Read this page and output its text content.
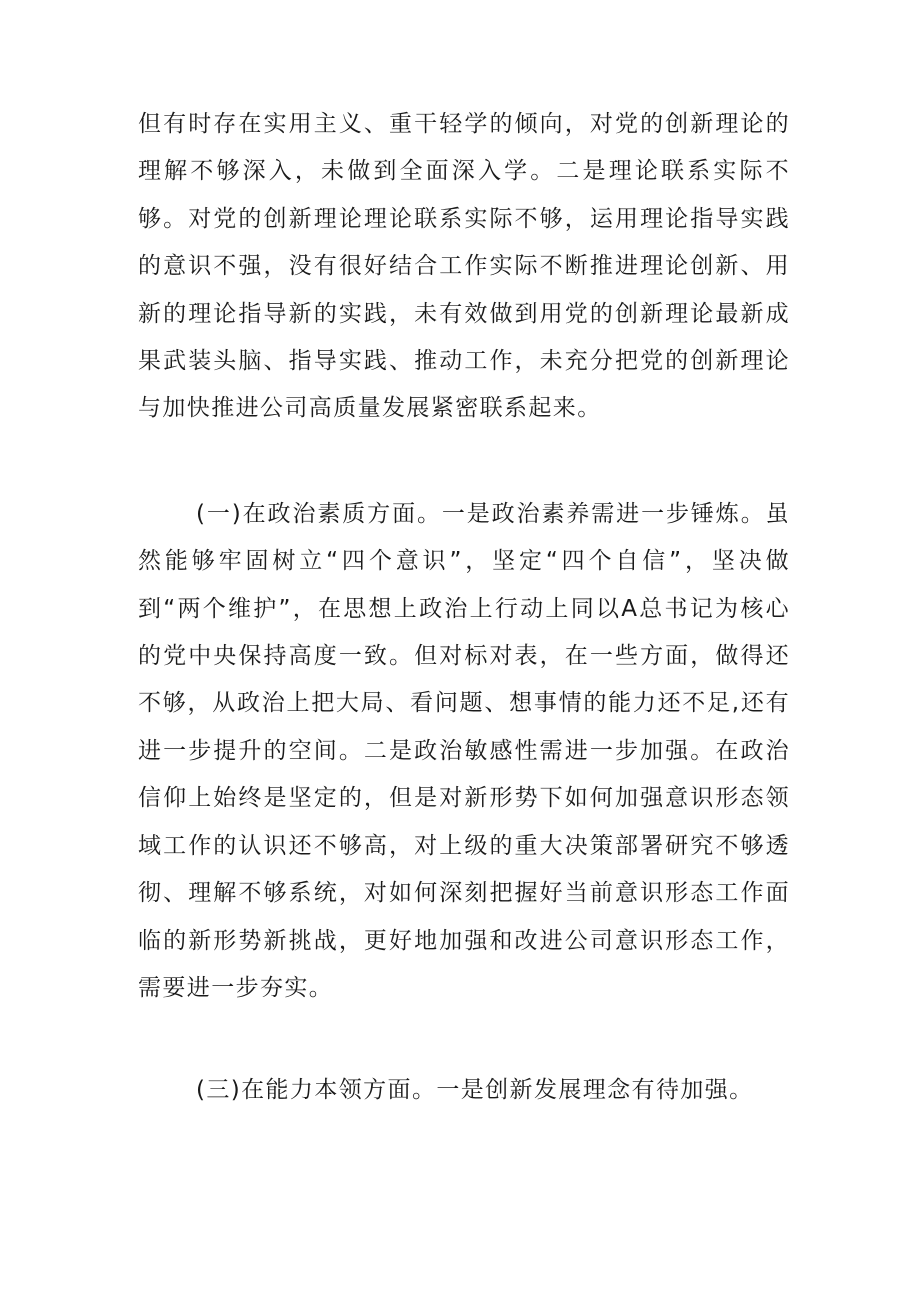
但有时存在实用主义、重干轻学的倾向，对党的创新理论的理解不够深入，未做到全面深入学。二是理论联系实际不够。对党的创新理论理论联系实际不够，运用理论指导实践的意识不强，没有很好结合工作实际不断推进理论创新、用新的理论指导新的实践，未有效做到用党的创新理论最新成果武装头脑、指导实践、推动工作，未充分把党的创新理论与加快推进公司高质量发展紧密联系起来。

(一)在政治素质方面。一是政治素养需进一步锤炼。虽然能够牢固树立“四个意识”，坚定“四个自信”，坚决做到“两个维护”，在思想上政治上行动上同以A总书记为核心的党中央保持高度一致。但对标对表，在一些方面，做得还不够，从政治上把大局、看问题、想事情的能力还不足,还有进一步提升的空间。二是政治敏感性需进一步加强。在政治信仰上始终是坚定的，但是对新形势下如何加强意识形态领域工作的认识还不够高，对上级的重大决策部署研究不够透彻、理解不够系统，对如何深刻把握好当前意识形态工作面临的新形势新挑战，更好地加强和改进公司意识形态工作，需要进一步夯实。

(三)在能力本领方面。一是创新发展理念有待加强。
